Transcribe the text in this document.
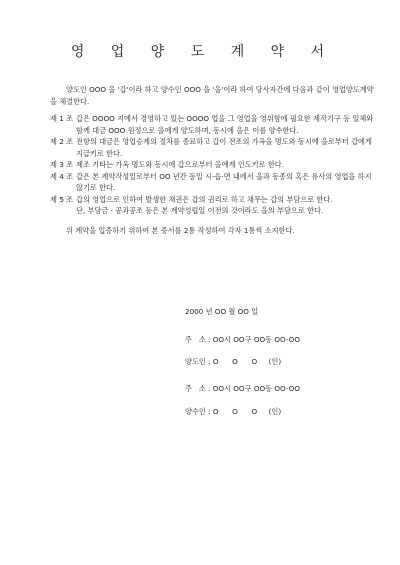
영 업 양 도 계 약 서

양도인 OOO 을 '갑'이라 하고 양수인 OOO 을 '을'이라 하여 당사자간에 다음과 같이 영업양도계약을 체결한다.

제 1 조 갑은 OOOO 지에서 경영하고 있는 OOOO 업을 그 영업을 영위함에 필요한 제작기구 등 일체와 함께 대금 OOO 원정으로 을에게 양도하며, 동시에 을은 이를 양수한다.

제 2 조 전항의 대금은 영업승계의 절차를 종료하고 갑이 전조의 가옥을 명도와 동시에 을로부터 갑에게 지급키로 한다.

제 3 조 제조 기타는 가옥 명도와 동시에 갑으로부터 을에게 인도키로 한다.

제 4 조 갑은 본 계약작성일로부터 OO 년간 동일 시·읍·면 내에서 을과 동종의 혹은 유사의 영업을 하지 않기로 한다.

제 5 조 갑의 영업으로 인하여 발생한 채권은 갑의 권리로 하고 채무는 갑의 부담으로 한다.

단, 부담금 · 공과공조 등은 본 계약성립일 이전의 것이라도 을의 부담으로 한다.

위 계약을 입증하기 위하여 본 증서를 2통 작성하여 각자 1통씩 소지한다.

2000 년 OO 월 OO 일
주   소 : OO시 OO구 OO동 OO-OO
양도인 : O      O      O     (인)
주   소 : OO시 OO구 OO동 OO-OO
양수인 : O      O      O     (인)
